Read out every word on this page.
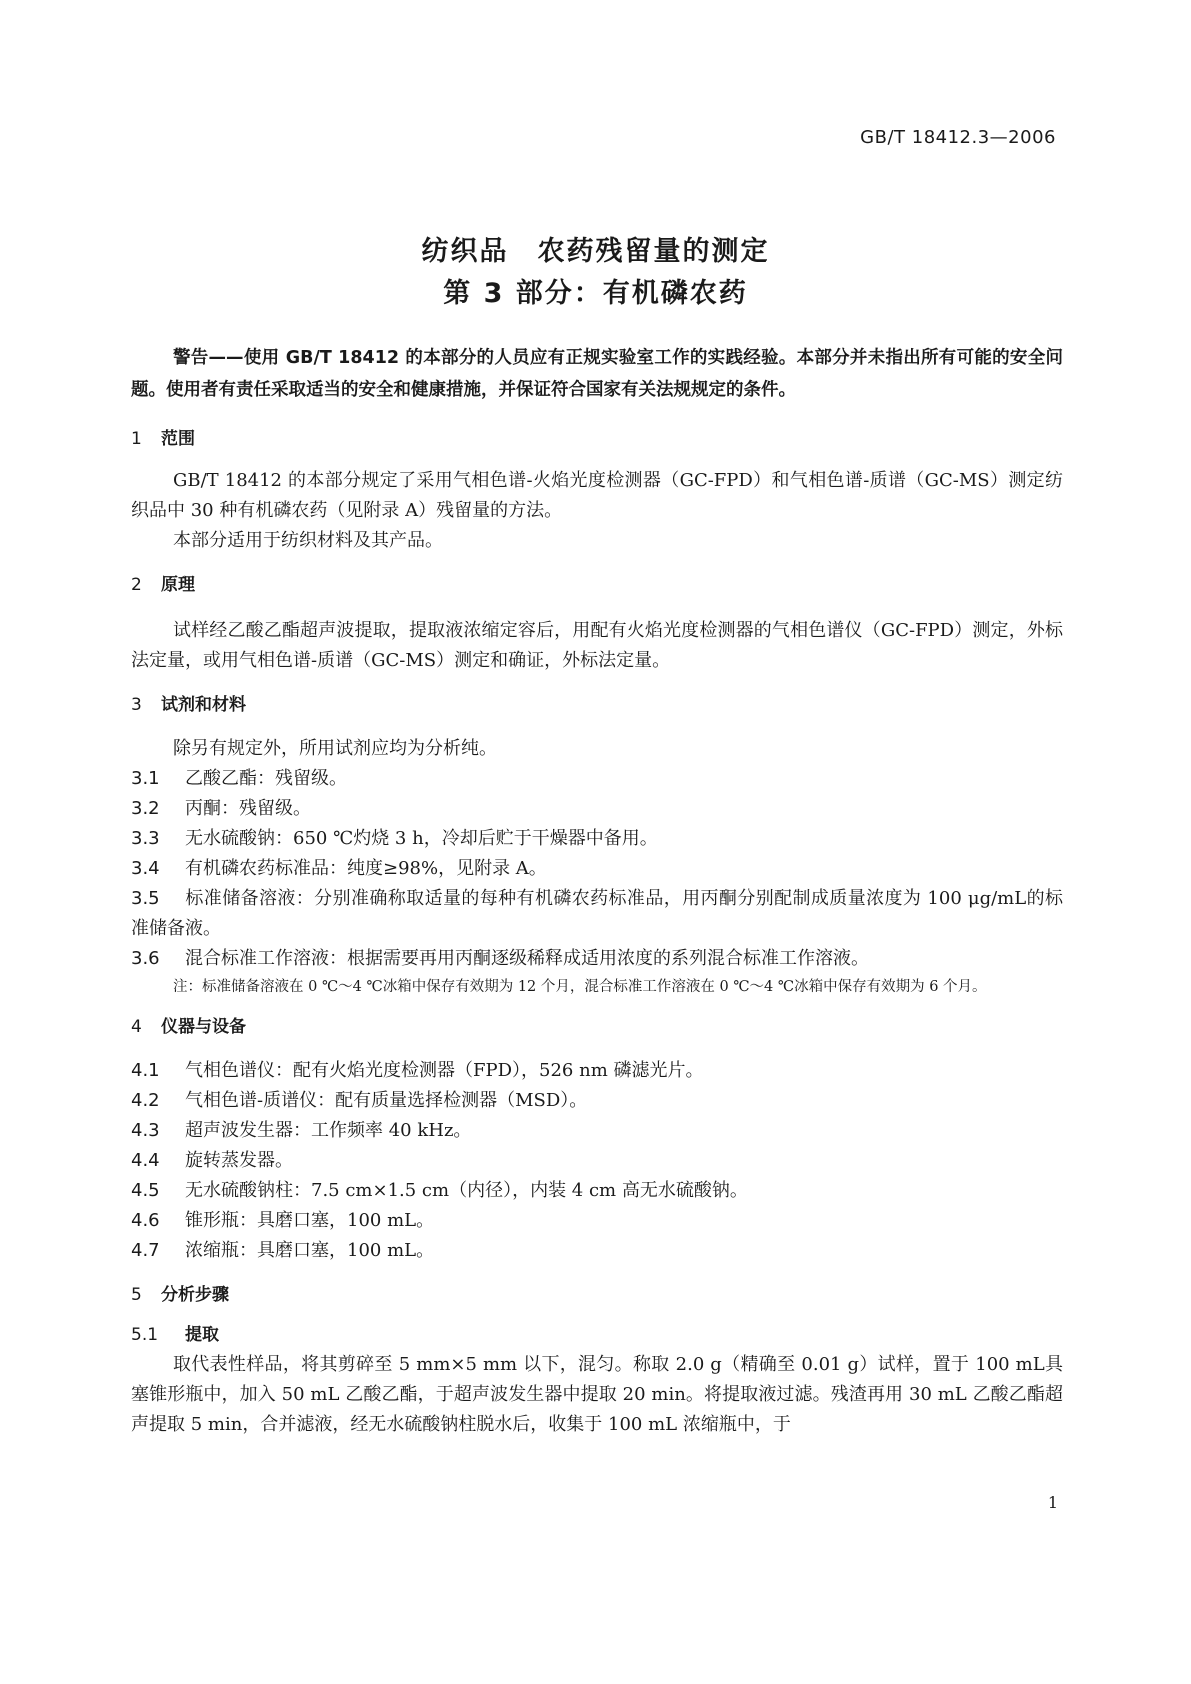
GB/T 18412.3—2006
纺织品　农药残留量的测定
第 3 部分：有机磷农药

警告——使用 GB/T 18412 的本部分的人员应有正规实验室工作的实践经验。本部分并未指出所有可能的安全问题。使用者有责任采取适当的安全和健康措施，并保证符合国家有关法规规定的条件。

1 范围

GB/T 18412 的本部分规定了采用气相色谱-火焰光度检测器（GC-FPD）和气相色谱-质谱（GC-MS）测定纺织品中 30 种有机磷农药（见附录 A）残留量的方法。

本部分适用于纺织材料及其产品。

2 原理

试样经乙酸乙酯超声波提取，提取液浓缩定容后，用配有火焰光度检测器的气相色谱仪（GC-FPD）测定，外标法定量，或用气相色谱-质谱（GC-MS）测定和确证，外标法定量。

3 试剂和材料

除另有规定外，所用试剂应均为分析纯。

3.1 乙酸乙酯：残留级。

3.2 丙酮：残留级。

3.3 无水硫酸钠：650 ℃灼烧 3 h，冷却后贮于干燥器中备用。

3.4 有机磷农药标准品：纯度≥98%，见附录 A。

3.5 标准储备溶液：分别准确称取适量的每种有机磷农药标准品，用丙酮分别配制成质量浓度为 100 μg/mL的标准储备液。

3.6 混合标准工作溶液：根据需要再用丙酮逐级稀释成适用浓度的系列混合标准工作溶液。

注：标准储备溶液在 0 ℃～4 ℃冰箱中保存有效期为 12 个月，混合标准工作溶液在 0 ℃～4 ℃冰箱中保存有效期为 6 个月。

4 仪器与设备

4.1 气相色谱仪：配有火焰光度检测器（FPD），526 nm 磷滤光片。

4.2 气相色谱-质谱仪：配有质量选择检测器（MSD）。

4.3 超声波发生器：工作频率 40 kHz。

4.4 旋转蒸发器。

4.5 无水硫酸钠柱：7.5 cm×1.5 cm（内径），内装 4 cm 高无水硫酸钠。

4.6 锥形瓶：具磨口塞，100 mL。

4.7 浓缩瓶：具磨口塞，100 mL。

5 分析步骤

5.1 提取

取代表性样品，将其剪碎至 5 mm×5 mm 以下，混匀。称取 2.0 g（精确至 0.01 g）试样，置于 100 mL具塞锥形瓶中，加入 50 mL 乙酸乙酯，于超声波发生器中提取 20 min。将提取液过滤。残渣再用 30 mL 乙酸乙酯超声提取 5 min，合并滤液，经无水硫酸钠柱脱水后，收集于 100 mL 浓缩瓶中，于

1
